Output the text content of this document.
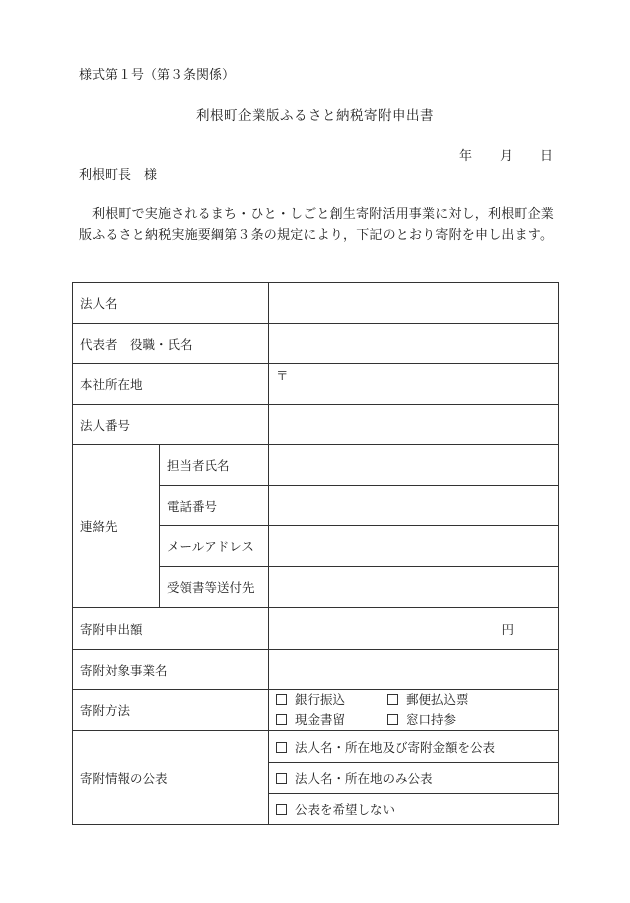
様式第１号（第３条関係）
利根町企業版ふるさと納税寄附申出書
年 月 日
利根町長　様
利根町で実施されるまち・ひと・しごと創生寄附活用事業に対し，利根町企業版ふるさと納税実施要綱第３条の規定により，下記のとおり寄附を申し出ます。
法人名		
代表者　役職・氏名		
本社所在地		〒
法人番号		
連絡先	担当者氏名	
	電話番号	
	メールアドレス	
	受領書等送付先	
寄附申出額		円
寄附対象事業名		
寄附方法		銀行振込 郵便払込票
現金書留 窓口持参

寄附情報の公表		法人名・所在地及び寄附金額を公表
		法人名・所在地のみ公表
		公表を希望しない
